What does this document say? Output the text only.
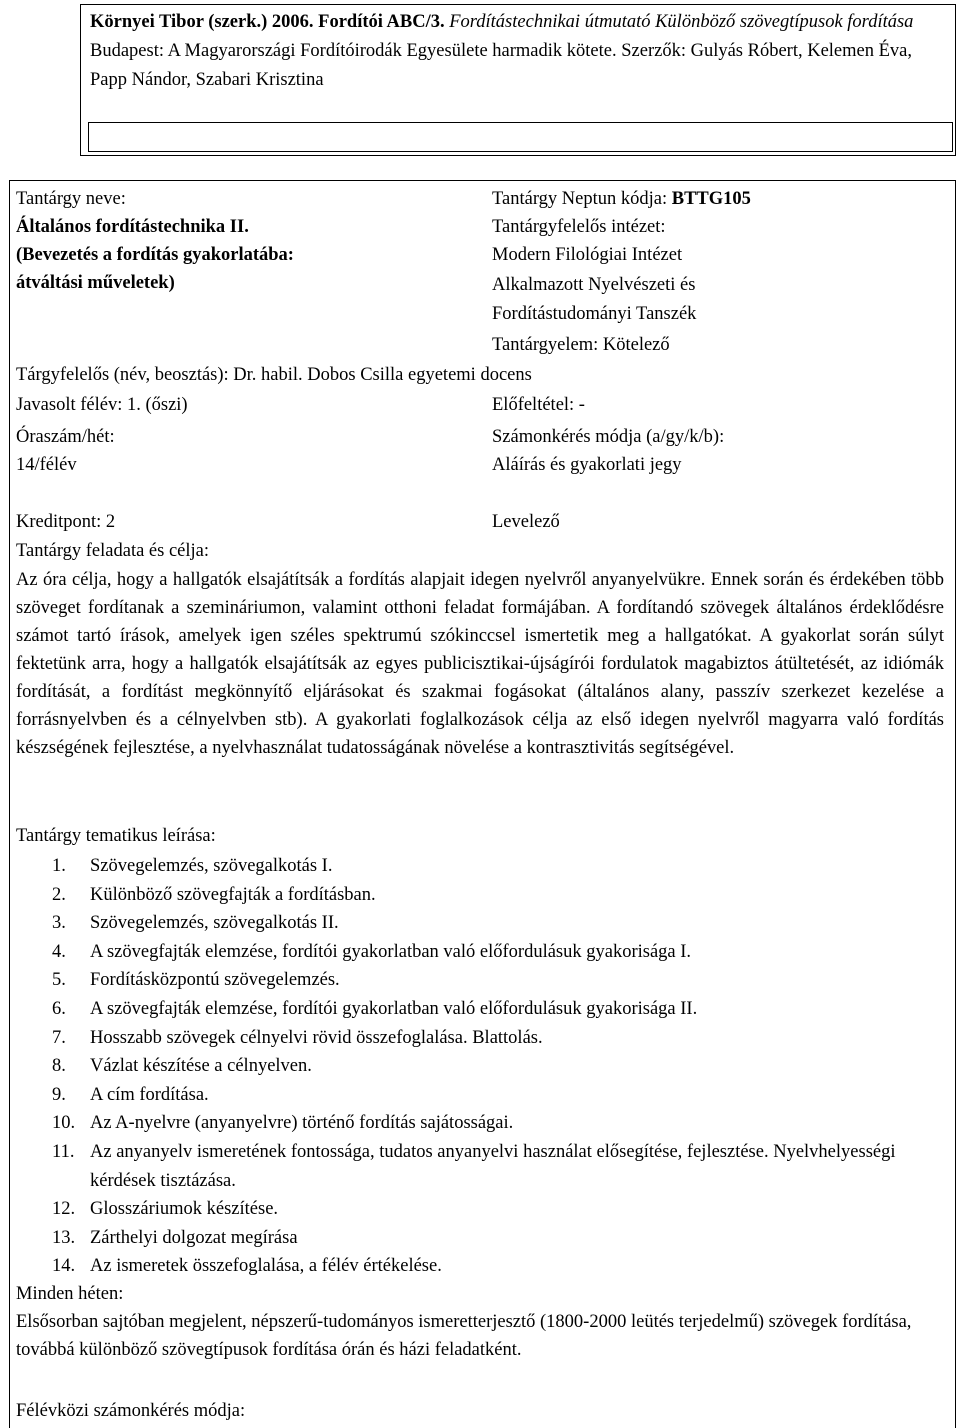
Környei Tibor (szerk.) 2006. Fordítói ABC/3. Fordítástechnikai útmutató Különböző szövegtípusok fordítása Budapest: A Magyarországi Fordítóirodák Egyesülete harmadik kötete. Szerzők: Gulyás Róbert, Kelemen Éva, Papp Nándor, Szabari Krisztina
Tantárgy neve:
Általános fordítástechnika II.
(Bevezetés a fordítás gyakorlatába:
átváltási műveletek)
Tantárgy Neptun kódja: BTTG105
Tantárgyfelelős intézet:
Modern Filológiai Intézet
Alkalmazott Nyelvészeti és
Fordítástudományi Tanszék
Tantárgyelem: Kötelező
Tárgyfelelős (név, beosztás): Dr. habil. Dobos Csilla egyetemi docens
Javasolt félév: 1. (őszi)	Előfeltétel: -
Óraszám/hét:
14/félév
Számonkérés módja (a/gy/k/b):
Aláírás és gyakorlati jegy
Kreditpont: 2	Levelező
Tantárgy feladata és célja:
Az óra célja, hogy a hallgatók elsajátítsák a fordítás alapjait idegen nyelvről anyanyelvükre. Ennek során és érdekében több szöveget fordítanak a szemináriumon, valamint otthoni feladat formájában. A fordítandó szövegek általános érdeklődésre számot tartó írások, amelyek igen széles spektrumú szókinccsel ismertetik meg a hallgatókat. A gyakorlat során súlyt fektetünk arra, hogy a hallgatók elsajátítsák az egyes publicisztikai-újságírói fordulatok magabiztos átültetését, az idiómák fordítását, a fordítást megkönnyítő eljárásokat és szakmai fogásokat (általános alany, passzív szerkezet kezelése a forrásnyelvben és a célnyelvben stb). A gyakorlati foglalkozások célja az első idegen nyelvről magyarra való fordítás készségének fejlesztése, a nyelvhasználat tudatosságának növelése a kontrasztivitás segítségével.
Tantárgy tematikus leírása:
1.	Szövegelemzés, szövegalkotás I.
2.	Különböző szövegfajták a fordításban.
3.	Szövegelemzés, szövegalkotás II.
4.	A szövegfajták elemzése, fordítói gyakorlatban való előfordulásuk gyakorisága I.
5.	Fordításközpontú szövegelemzés.
6.	A szövegfajták elemzése, fordítói gyakorlatban való előfordulásuk gyakorisága II.
7.	Hosszabb szövegek célnyelvi rövid összefoglalása. Blattolás.
8.	Vázlat készítése a célnyelven.
9.	A cím fordítása.
10. Az A-nyelvre (anyanyelvre) történő fordítás sajátosságai.
11. Az anyanyelv ismeretének fontossága, tudatos anyanyelvi használat elősegítése, fejlesztése. Nyelvhelyességi kérdések tisztázása.
12. Glosszáriumok készítése.
13. Zárthelyi dolgozat megírása
14. Az ismeretek összefoglalása, a félév értékelése.
Minden héten:
Elsősorban sajtóban megjelent, népszerű-tudományos ismeretterjesztő (1800-2000 leütés terjedelmű) szövegek fordítása, továbbá különböző szövegtípusok fordítása órán és házi feladatként.
Félévközi számonkérés módja:
